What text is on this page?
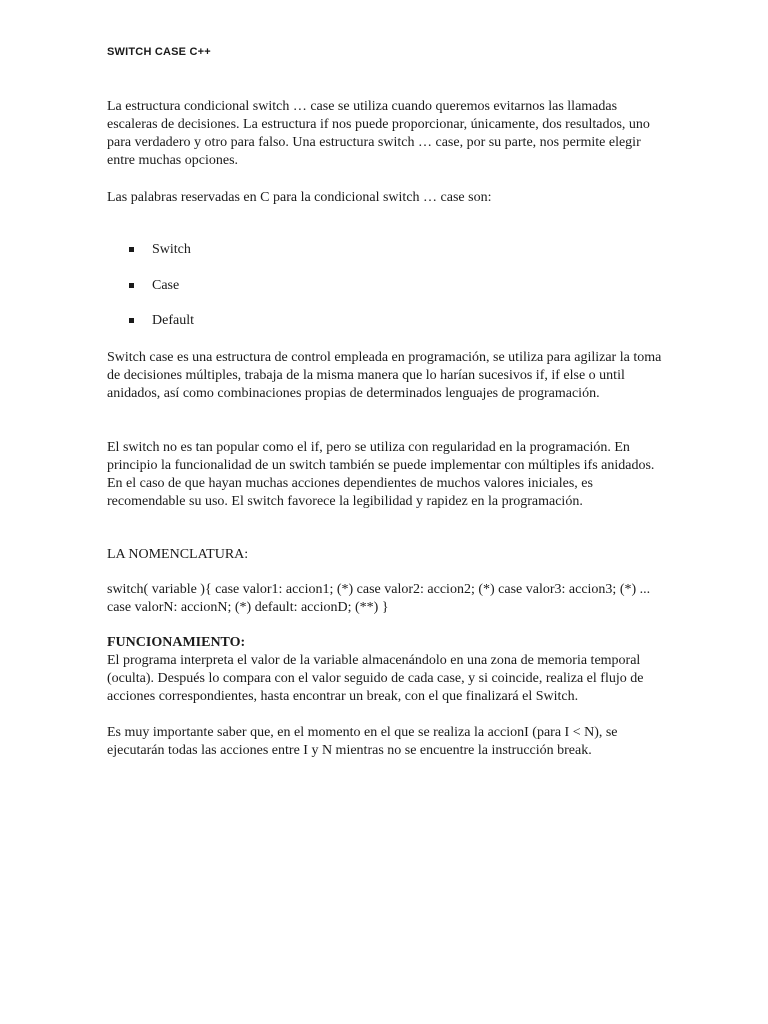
SWITCH CASE C++

La estructura condicional switch … case se utiliza cuando queremos evitarnos las llamadas escaleras de decisiones. La estructura if nos puede proporcionar, únicamente, dos resultados, uno para verdadero y otro para falso. Una estructura switch … case, por su parte, nos permite elegir entre muchas opciones.

Las palabras reservadas en C para la condicional switch … case son:

Switch
Case
Default

Switch case es una estructura de control empleada en programación, se utiliza para agilizar la toma de decisiones múltiples, trabaja de la misma manera que lo harían sucesivos if, if else o until anidados, así como combinaciones propias de determinados lenguajes de programación.

El switch no es tan popular como el if, pero se utiliza con regularidad en la programación. En principio la funcionalidad de un switch también se puede implementar con múltiples ifs anidados. En el caso de que hayan muchas acciones dependientes de muchos valores iniciales, es recomendable su uso. El switch favorece la legibilidad y rapidez en la programación.

LA NOMENCLATURA:

switch( variable ){ case valor1: accion1; (*) case valor2: accion2; (*) case valor3: accion3; (*) ... case valorN: accionN; (*) default: accionD; (**) }

FUNCIONAMIENTO:

El programa interpreta el valor de la variable almacenándolo en una zona de memoria temporal (oculta). Después lo compara con el valor seguido de cada case, y si coincide, realiza el flujo de acciones correspondientes, hasta encontrar un break, con el que finalizará el Switch.

Es muy importante saber que, en el momento en el que se realiza la accionI (para I < N), se ejecutarán todas las acciones entre I y N mientras no se encuentre la instrucción break.
